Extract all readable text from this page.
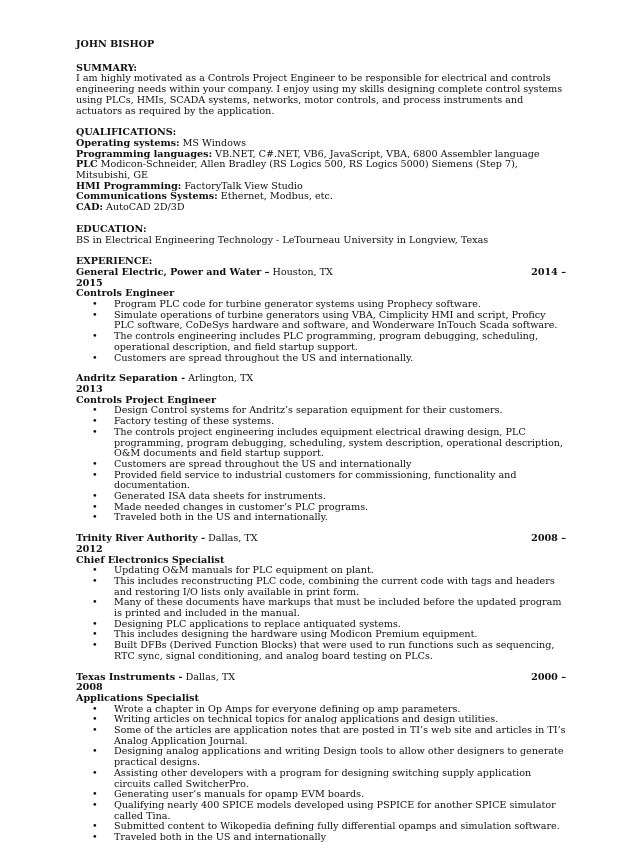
JOHN BISHOP
SUMMARY:

I am highly motivated as a Controls Project Engineer to be responsible for electrical and controls engineering needs within your company. I enjoy using my skills designing complete control systems using PLCs, HMIs, SCADA systems, networks, motor controls, and process instruments and actuators as required by the application.

QUALIFICATIONS:
Operating systems: MS Windows
Programming languages: VB.NET, C#.NET, VB6, JavaScript, VBA, 6800 Assembler language
PLC Modicon-Schneider, Allen Bradley (RS Logics 500, RS Logics 5000) Siemens (Step 7), Mitsubishi, GE
HMI Programming: FactoryTalk View Studio
Communications Systems: Ethernet, Modbus, etc.
CAD: AutoCAD 2D/3D
EDUCATION:

BS in Electrical Engineering Technology - LeTourneau University in Longview, Texas

EXPERIENCE:
General Electric, Power and Water – Houston, TX	2014 –
2015
Controls Engineer
• Program PLC code for turbine generator systems using Prophecy software.
• Simulate operations of turbine generators using VBA, Cimplicity HMI and script, Proficy PLC software, CoDeSys hardware and software, and Wonderware InTouch Scada software.
• The controls engineering includes PLC programming, program debugging, scheduling, operational description, and field startup support.
• Customers are spread throughout the US and internationally.
Andritz Separation - Arlington, TX
2013
Controls Project Engineer
• Design Control systems for Andritz’s separation equipment for their customers.
• Factory testing of these systems.
• The controls project engineering includes equipment electrical drawing design, PLC programming, program debugging, scheduling, system description, operational description, O&M documents and field startup support.
• Customers are spread throughout the US and internationally
• Provided field service to industrial customers for commissioning, functionality and documentation.
• Generated ISA data sheets for instruments.
• Made needed changes in customer’s PLC programs.
• Traveled both in the US and internationally.
Trinity River Authority - Dallas, TX	2008 –
2012
Chief Electronics Specialist
• Updating O&M manuals for PLC equipment on plant.
• This includes reconstructing PLC code, combining the current code with tags and headers and restoring I/O lists only available in print form.
• Many of these documents have markups that must be included before the updated program is printed and included in the manual.
• Designing PLC applications to replace antiquated systems.
• This includes designing the hardware using Modicon Premium equipment.
• Built DFBs (Derived Function Blocks) that were used to run functions such as sequencing, RTC sync, signal conditioning, and analog board testing on PLCs.
Texas Instruments - Dallas, TX	2000 –
2008
Applications Specialist
• Wrote a chapter in Op Amps for everyone defining op amp parameters.
• Writing articles on technical topics for analog applications and design utilities.
• Some of the articles are application notes that are posted in TI’s web site and articles in TI’s Analog Application Journal.
• Designing analog applications and writing Design tools to allow other designers to generate practical designs.
• Assisting other developers with a program for designing switching supply application circuits called SwitcherPro.
• Generating user’s manuals for opamp EVM boards.
• Qualifying nearly 400 SPICE models developed using PSPICE for another SPICE simulator called Tina.
• Submitted content to Wikopedia defining fully differential opamps and simulation software.
• Traveled both in the US and internationally
